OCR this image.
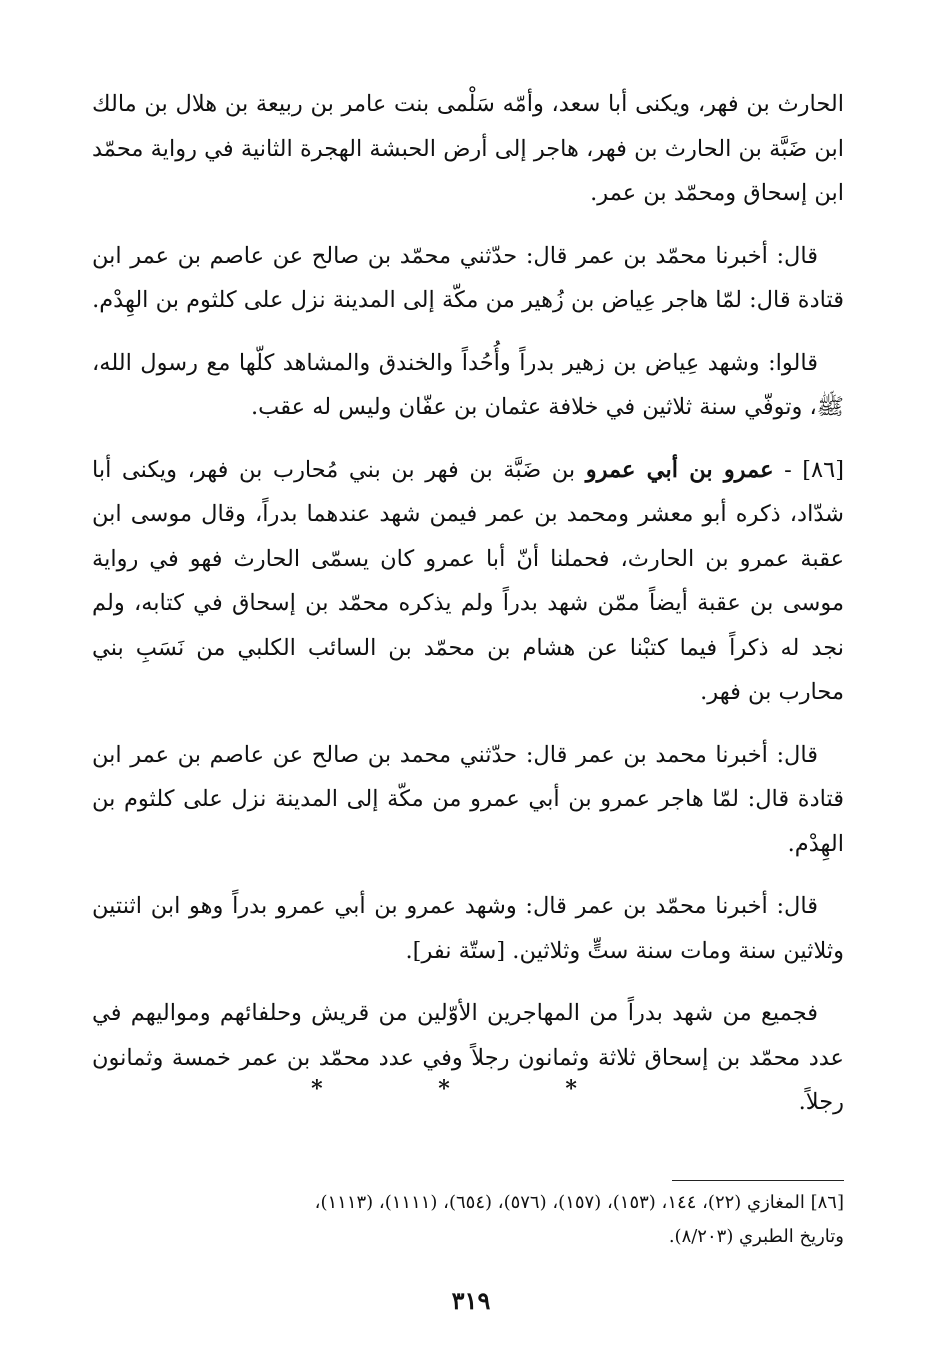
الحارث بن فهر، ويكنى أبا سعد، وأمّه سَلْمى بنت عامر بن ربيعة بن هلال بن مالك ابن ضَبَّة بن الحارث بن فهر، هاجر إلى أرض الحبشة الهجرة الثانية في رواية محمّد ابن إسحاق ومحمّد بن عمر.

قال: أخبرنا محمّد بن عمر قال: حدّثني محمّد بن صالح عن عاصم بن عمر ابن قتادة قال: لمّا هاجر عِياض بن زُهير من مكّة إلى المدينة نزل على كلثوم بن الهِدْم.

قالوا: وشهد عِياض بن زهير بدراً وأُحُداً والخندق والمشاهد كلّها مع رسول الله، ﷺ، وتوفّي سنة ثلاثين في خلافة عثمان بن عفّان وليس له عقب.

[٨٦] - عمرو بن أبي عمرو بن ضَبَّة بن فهر بن بني مُحارب بن فهر، ويكنى أبا شدّاد، ذكره أبو معشر ومحمد بن عمر فيمن شهد عندهما بدراً، وقال موسى ابن عقبة عمرو بن الحارث، فحملنا أنّ أبا عمرو كان يسمّى الحارث فهو في رواية موسى بن عقبة أيضاً ممّن شهد بدراً ولم يذكره محمّد بن إسحاق في كتابه، ولم نجد له ذكراً فيما كتبْنا عن هشام بن محمّد بن السائب الكلبي من نَسَبِ بني محارب بن فهر.

قال: أخبرنا محمد بن عمر قال: حدّثني محمد بن صالح عن عاصم بن عمر ابن قتادة قال: لمّا هاجر عمرو بن أبي عمرو من مكّة إلى المدينة نزل على كلثوم بن الهِدْم.

قال: أخبرنا محمّد بن عمر قال: وشهد عمرو بن أبي عمرو بدراً وهو ابن اثنتين وثلاثين سنة ومات سنة ستٍّ وثلاثين. [ستّة نفر].

فجميع من شهد بدراً من المهاجرين الأوّلين من قريش وحلفائهم ومواليهم في عدد محمّد بن إسحاق ثلاثة وثمانون رجلاً وفي عدد محمّد بن عمر خمسة وثمانون رجلاً.

* * *

[٨٦] المغازي (٢٢)، ١٤٤، (١٥٣)، (١٥٧)، (٥٧٦)، (٦٥٤)، (١١١١)، (١١١٣)،

وتاريخ الطبري (٨/٢٠٣).

٣١٩
